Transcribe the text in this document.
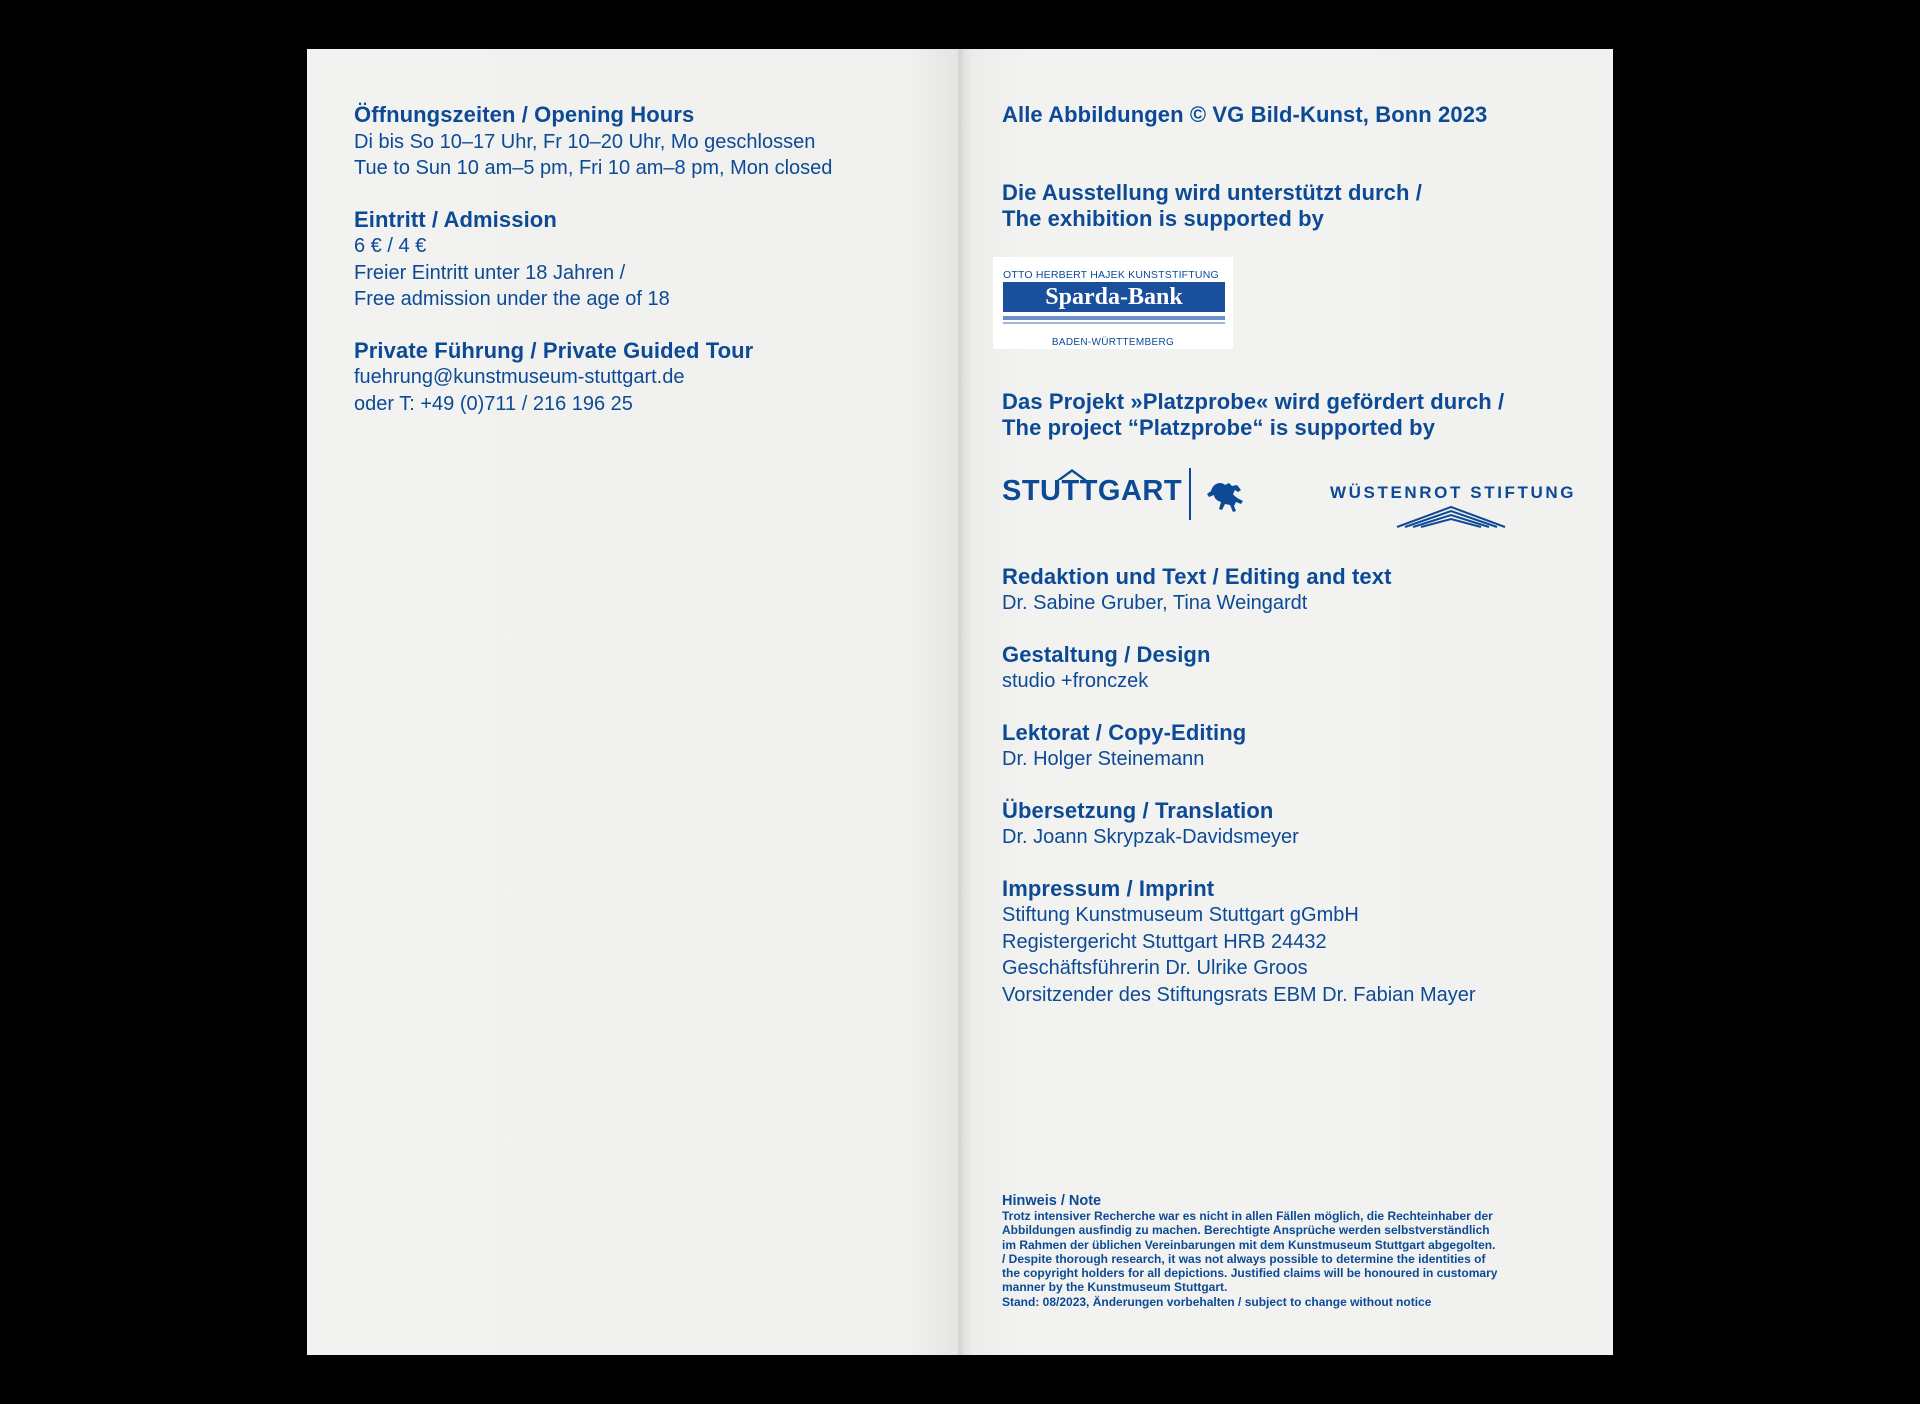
Öffnungszeiten / Opening Hours
Di bis So 10–17 Uhr, Fr 10–20 Uhr, Mo geschlossen
Tue to Sun 10 am–5 pm, Fri 10 am–8 pm, Mon closed
Eintritt / Admission
6 € / 4 €
Freier Eintritt unter 18 Jahren /
Free admission under the age of 18
Private Führung / Private Guided Tour
fuehrung@kunstmuseum-stuttgart.de
oder T: +49 (0)711 / 216 196 25
Alle Abbildungen © VG Bild-Kunst, Bonn 2023
Die Ausstellung wird unterstützt durch /
The exhibition is supported by
OTTO HERBERT HAJEK KUNSTSTIFTUNG
Sparda-Bank
BADEN-WÜRTTEMBERG
Das Projekt »Platzprobe« wird gefördert durch /
The project “Platzprobe“ is supported by
STUTTGART	WÜSTENROT STIFTUNG
Redaktion und Text / Editing and text
Dr. Sabine Gruber, Tina Weingardt
Gestaltung / Design
studio +fronczek
Lektorat / Copy-Editing
Dr. Holger Steinemann
Übersetzung / Translation
Dr. Joann Skrypzak-Davidsmeyer
Impressum / Imprint
Stiftung Kunstmuseum Stuttgart gGmbH
Registergericht Stuttgart HRB 24432
Geschäftsführerin Dr. Ulrike Groos
Vorsitzender des Stiftungsrats EBM Dr. Fabian Mayer
Hinweis / Note
Trotz intensiver Recherche war es nicht in allen Fällen möglich, die Rechteinhaber der
Abbildungen ausfindig zu machen. Berechtigte Ansprüche werden selbstverständlich
im Rahmen der üblichen Vereinbarungen mit dem Kunstmuseum Stuttgart abgegolten.
/ Despite thorough research, it was not always possible to determine the identities of
the copyright holders for all depictions. Justified claims will be honoured in customary
manner by the Kunstmuseum Stuttgart.
Stand: 08/2023, Änderungen vorbehalten / subject to change without notice
